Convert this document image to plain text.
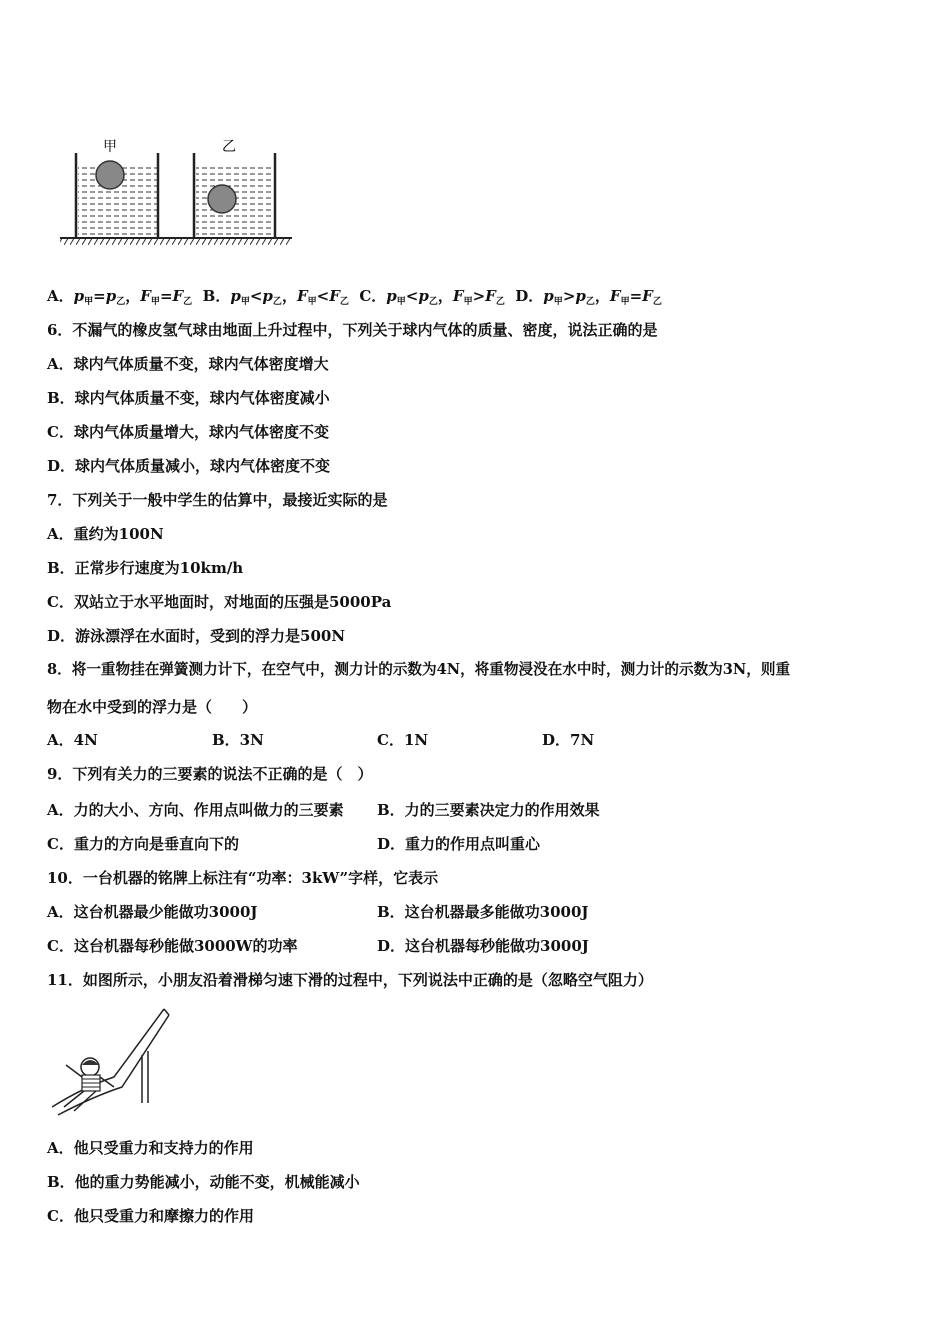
甲	乙
A．$p_甲=p_乙$，$F_甲=F_乙$ B．$p_甲<p_乙$，$F_甲<F_乙$ C．$p_甲<p_乙$，$F_甲>F_乙$ D．$p_甲>p_乙$，$F_甲=F_乙$
6．不漏气的橡皮氢气球由地面上升过程中，下列关于球内气体的质量、密度，说法正确的是
A．球内气体质量不变，球内气体密度增大
B．球内气体质量不变，球内气体密度减小
C．球内气体质量增大，球内气体密度不变
D．球内气体质量减小，球内气体密度不变
7．下列关于一般中学生的估算中，最接近实际的是
A．重约为100N
B．正常步行速度为10km/h
C．双站立于水平地面时，对地面的压强是5000Pa
D．游泳漂浮在水面时，受到的浮力是500N
8．将一重物挂在弹簧测力计下，在空气中，测力计的示数为4N，将重物浸没在水中时，测力计的示数为3N，则重
物在水中受到的浮力是（　　）
A．4N	B．3N	C．1N	D．7N
9．下列有关力的三要素的说法不正确的是（　）
A．力的大小、方向、作用点叫做力的三要素 B．力的三要素决定力的作用效果
C．重力的方向是垂直向下的	D．重力的作用点叫重心
10．一台机器的铭牌上标注有“功率：3kW”字样，它表示
A．这台机器最少能做功3000J	B．这台机器最多能做功3000J
C．这台机器每秒能做3000W的功率	D．这台机器每秒能做功3000J
11．如图所示，小朋友沿着滑梯匀速下滑的过程中，下列说法中正确的是（忽略空气阻力）
A．他只受重力和支持力的作用
B．他的重力势能减小，动能不变，机械能减小
C．他只受重力和摩擦力的作用
